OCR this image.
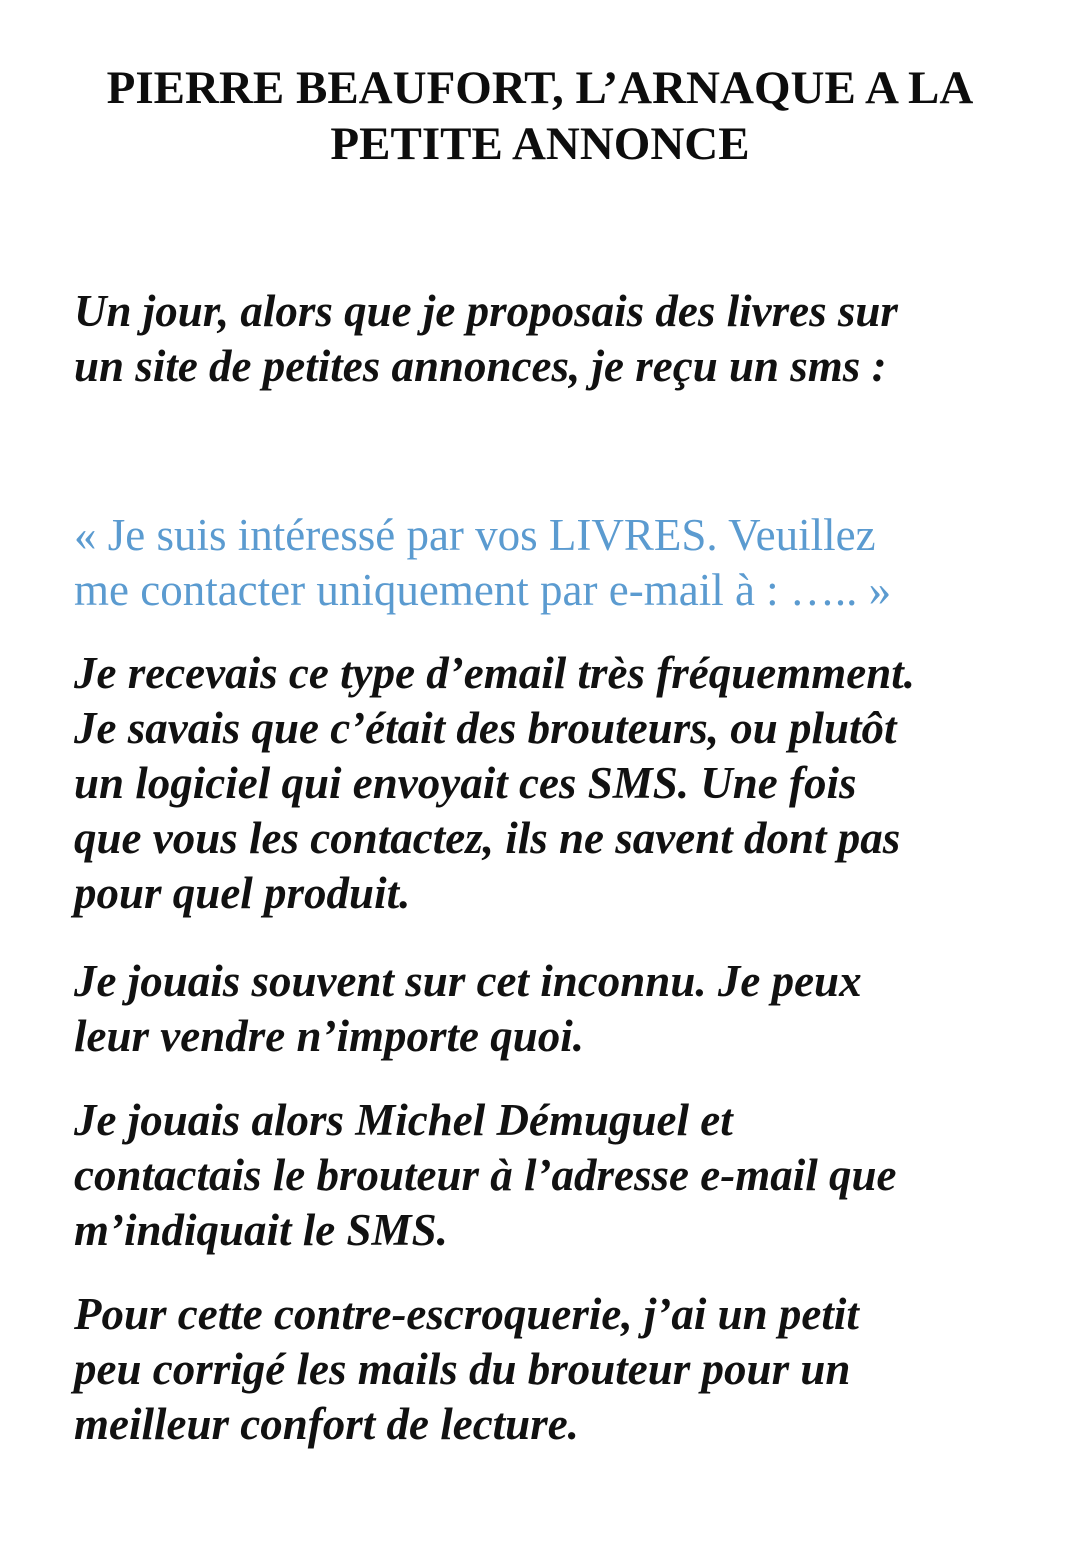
PIERRE BEAUFORT, L’ARNAQUE A LA
PETITE ANNONCE

Un jour, alors que je proposais des livres sur
un site de petites annonces, je reçu un sms :

« Je suis intéressé par vos LIVRES. Veuillez
me contacter uniquement par e-mail à : ….. »

Je recevais ce type d’email très fréquemment.
Je savais que c’était des brouteurs, ou plutôt
un logiciel qui envoyait ces SMS. Une fois
que vous les contactez, ils ne savent dont pas
pour quel produit.

Je jouais souvent sur cet inconnu. Je peux
leur vendre n’importe quoi.

Je jouais alors Michel Démuguel et
contactais le brouteur à l’adresse e-mail que
m’indiquait le SMS.

Pour cette contre-escroquerie, j’ai un petit
peu corrigé les mails du brouteur pour un
meilleur confort de lecture.
